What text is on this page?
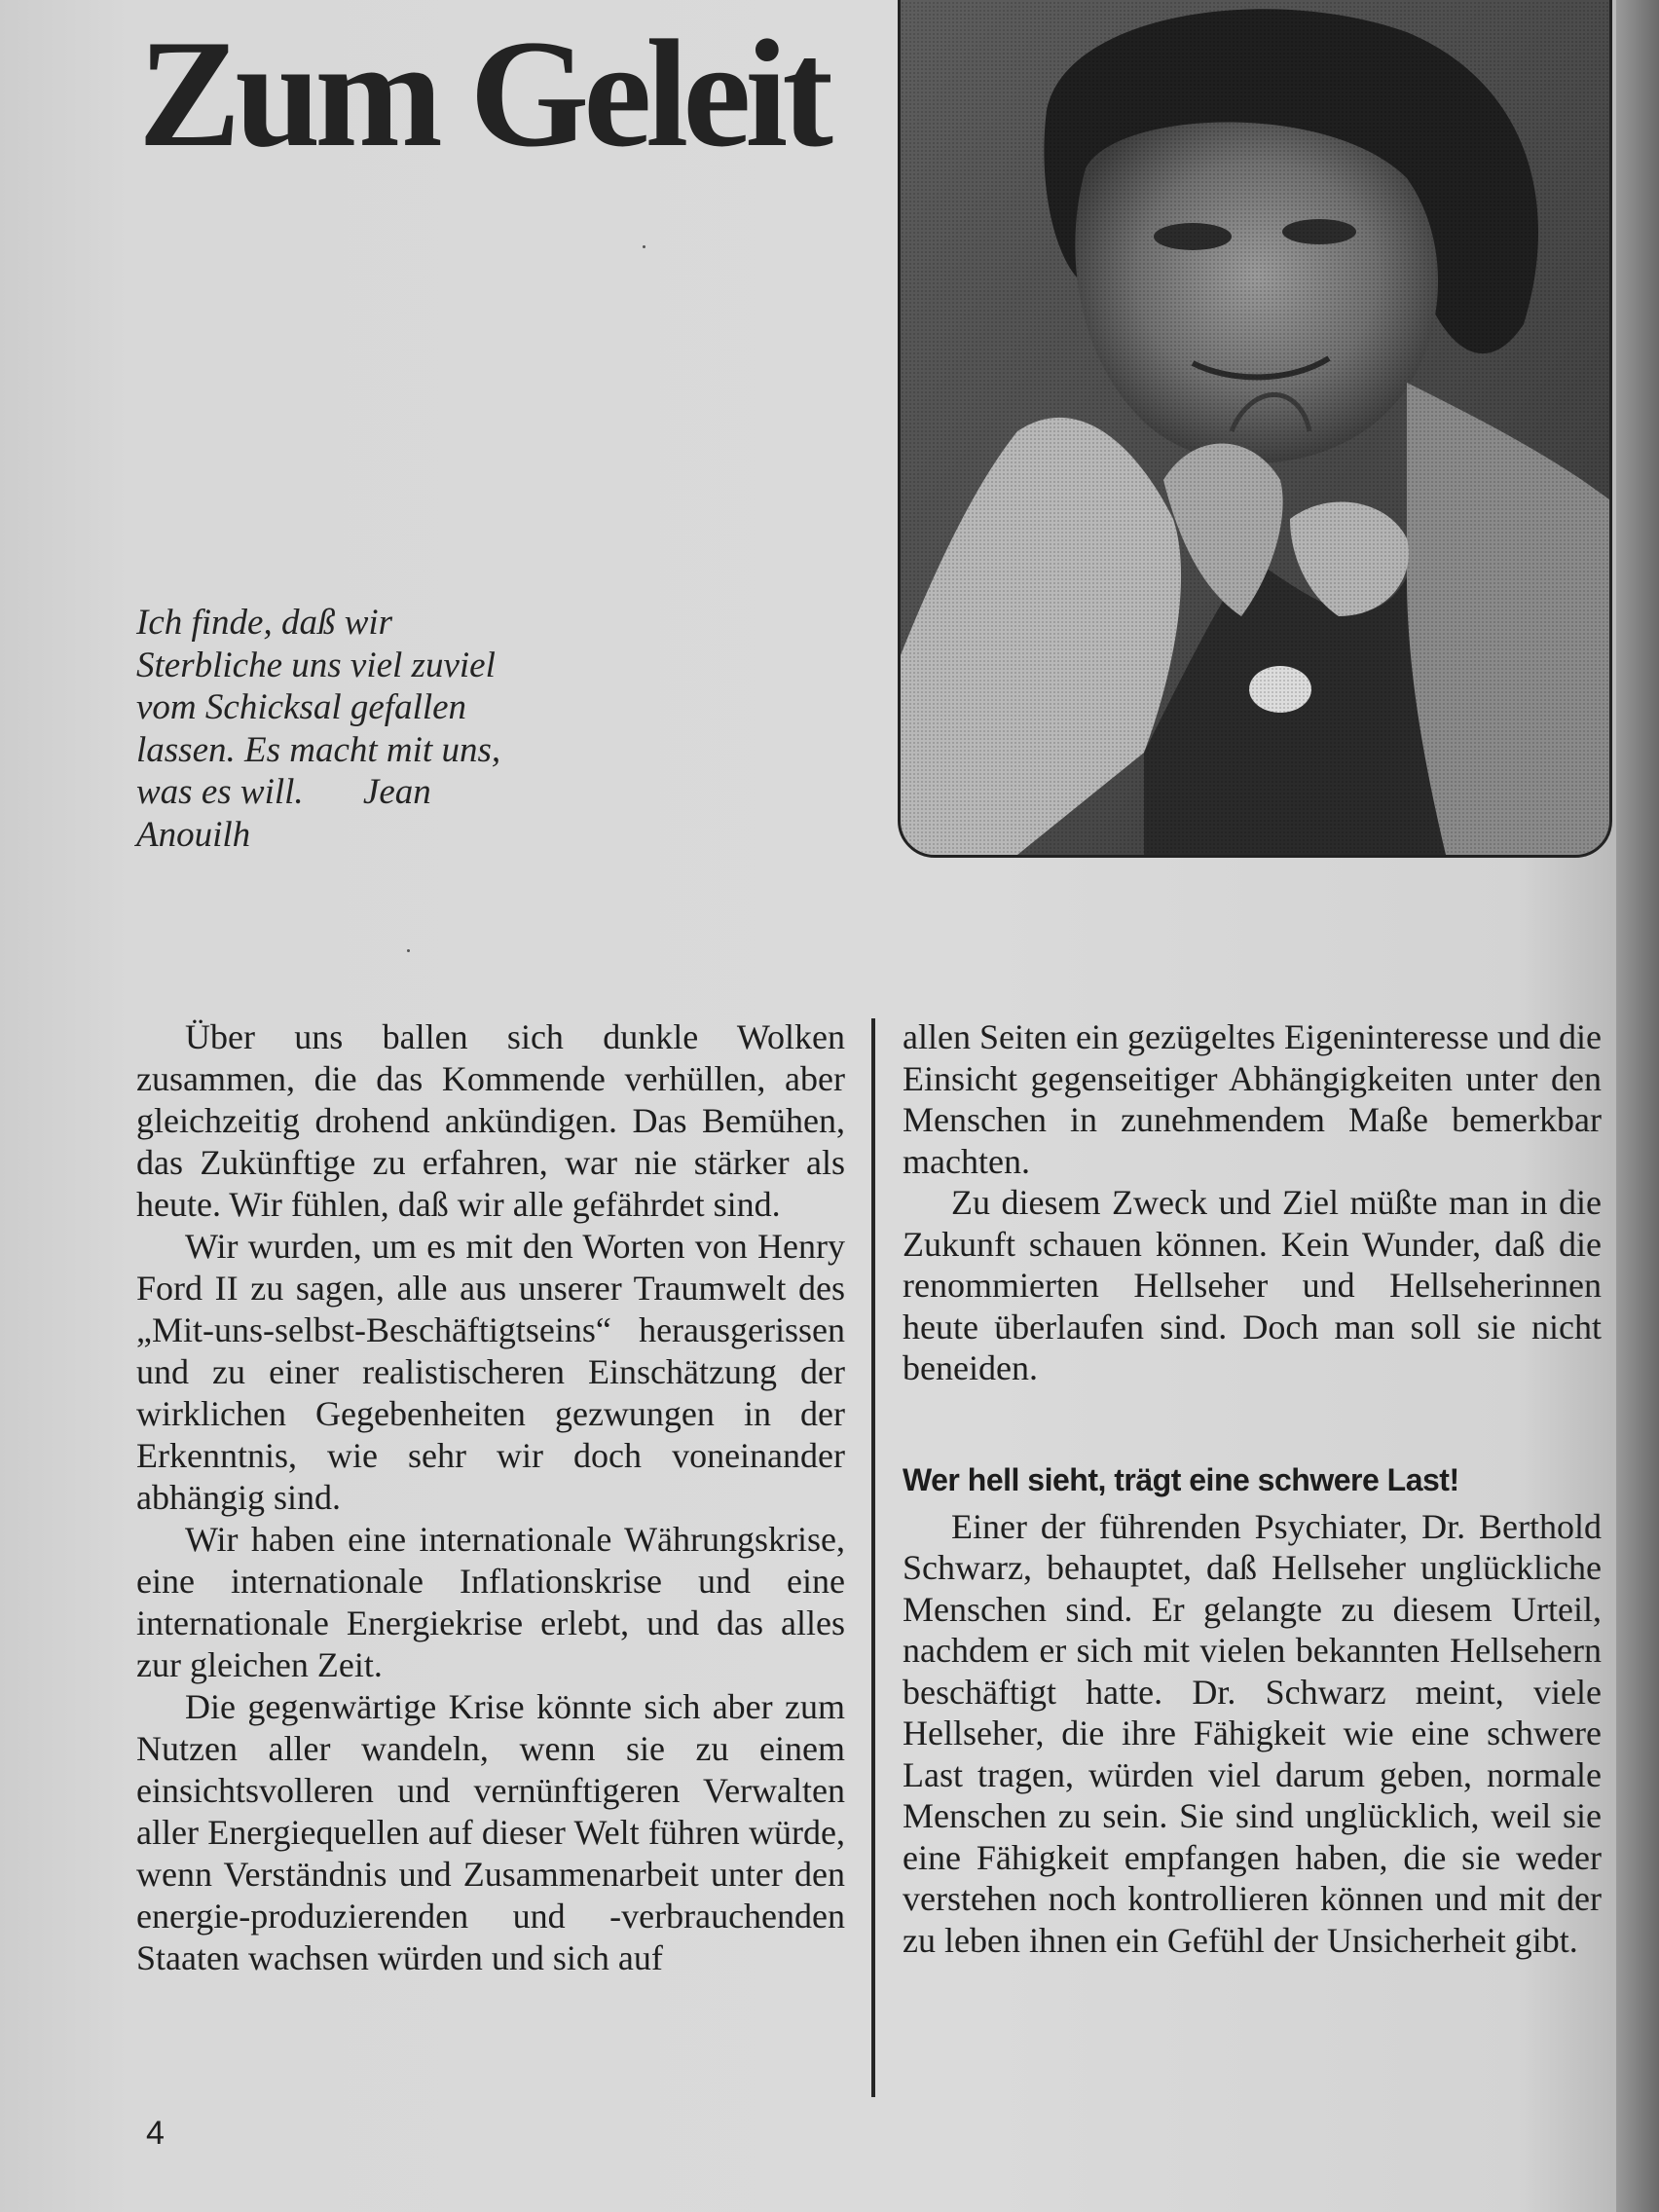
Zum Geleit

Ich finde, daß wir Sterbliche uns viel zuviel vom Schicksal gefallen lassen. Es macht mit uns, was es will. Jean Anouilh

Über uns ballen sich dunkle Wolken zusammen, die das Kommende verhüllen, aber gleichzeitig drohend ankündigen. Das Bemühen, das Zukünftige zu erfahren, war nie stärker als heute. Wir fühlen, daß wir alle gefährdet sind.

Wir wurden, um es mit den Worten von Henry Ford II zu sagen, alle aus unserer Traumwelt des „Mit-uns-selbst-Beschäftigtseins“ herausgerissen und zu einer realistischeren Einschätzung der wirklichen Gegebenheiten gezwungen in der Erkenntnis, wie sehr wir doch voneinander abhängig sind.

Wir haben eine internationale Währungskrise, eine internationale Inflationskrise und eine internationale Energiekrise erlebt, und das alles zur gleichen Zeit.

Die gegenwärtige Krise könnte sich aber zum Nutzen aller wandeln, wenn sie zu einem einsichtsvolleren und vernünftigeren Verwalten aller Energiequellen auf dieser Welt führen würde, wenn Verständnis und Zusammenarbeit unter den energie-produzierenden und -verbrauchenden Staaten wachsen würden und sich auf

allen Seiten ein gezügeltes Eigeninteresse und die Einsicht gegenseitiger Abhängigkeiten unter den Menschen in zunehmendem Maße bemerkbar machten.

Zu diesem Zweck und Ziel müßte man in die Zukunft schauen können. Kein Wunder, daß die renommierten Hellseher und Hellseherinnen heute überlaufen sind. Doch man soll sie nicht beneiden.

Wer hell sieht, trägt eine schwere Last!

Einer der führenden Psychiater, Dr. Berthold Schwarz, behauptet, daß Hellseher unglückliche Menschen sind. Er gelangte zu diesem Urteil, nachdem er sich mit vielen bekannten Hellsehern beschäftigt hatte. Dr. Schwarz meint, viele Hellseher, die ihre Fähigkeit wie eine schwere Last tragen, würden viel darum geben, normale Menschen zu sein. Sie sind unglücklich, weil sie eine Fähigkeit empfangen haben, die sie weder verstehen noch kontrollieren können und mit der zu leben ihnen ein Gefühl der Unsicherheit gibt.

4
